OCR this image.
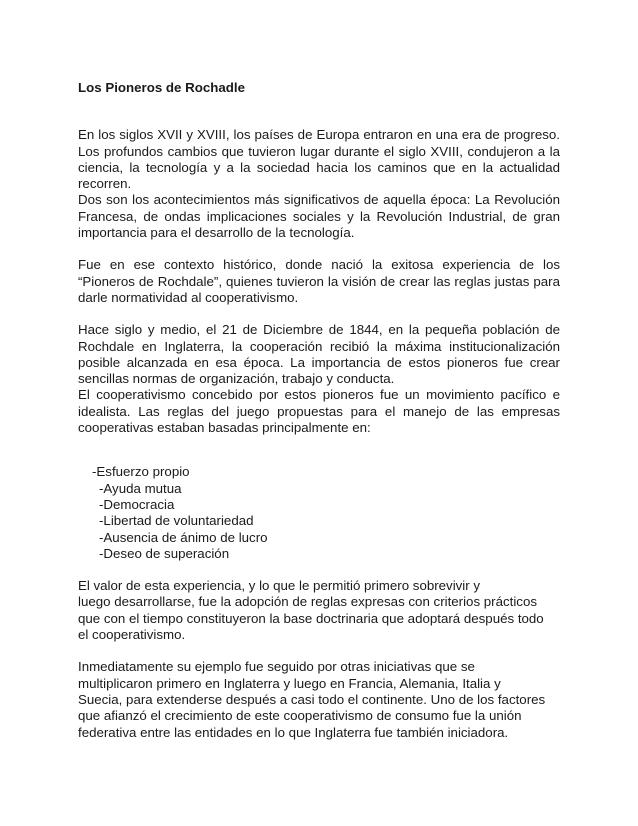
Los Pioneros de Rochadle

En los siglos XVII y XVIII, los países de Europa entraron en una era de progreso. Los profundos cambios que tuvieron lugar durante el siglo XVIII, condujeron a la ciencia, la tecnología y a la sociedad hacia los caminos que en la actualidad recorren.

Dos son los acontecimientos más significativos de aquella época: La Revolución Francesa, de ondas implicaciones sociales y la Revolución Industrial, de gran importancia para el desarrollo de la tecnología.

Fue en ese contexto histórico, donde nació la exitosa experiencia de los “Pioneros de Rochdale”, quienes tuvieron la visión de crear las reglas justas para darle normatividad al cooperativismo.

Hace siglo y medio, el 21 de Diciembre de 1844, en la pequeña población de Rochdale en Inglaterra, la cooperación recibió la máxima institucionalización posible alcanzada en esa época. La importancia de estos pioneros fue crear sencillas normas de organización, trabajo y conducta.

El cooperativismo concebido por estos pioneros fue un movimiento pacífico e idealista. Las reglas del juego propuestas para el manejo de las empresas cooperativas estaban basadas principalmente en:

-Esfuerzo propio
-Ayuda mutua
-Democracia
-Libertad de voluntariedad
-Ausencia de ánimo de lucro
-Deseo de superación
El valor de esta experiencia, y lo que le permitió primero sobrevivir y
luego desarrollarse, fue la adopción de reglas expresas con criterios prácticos
que con el tiempo constituyeron la base doctrinaria que adoptará después todo
el cooperativismo.
Inmediatamente su ejemplo fue seguido por otras iniciativas que se
multiplicaron primero en Inglaterra y luego en Francia, Alemania, Italia y
Suecia, para extenderse después a casi todo el continente. Uno de los factores
que afianzó el crecimiento de este cooperativismo de consumo fue la unión
federativa entre las entidades en lo que Inglaterra fue también iniciadora.
